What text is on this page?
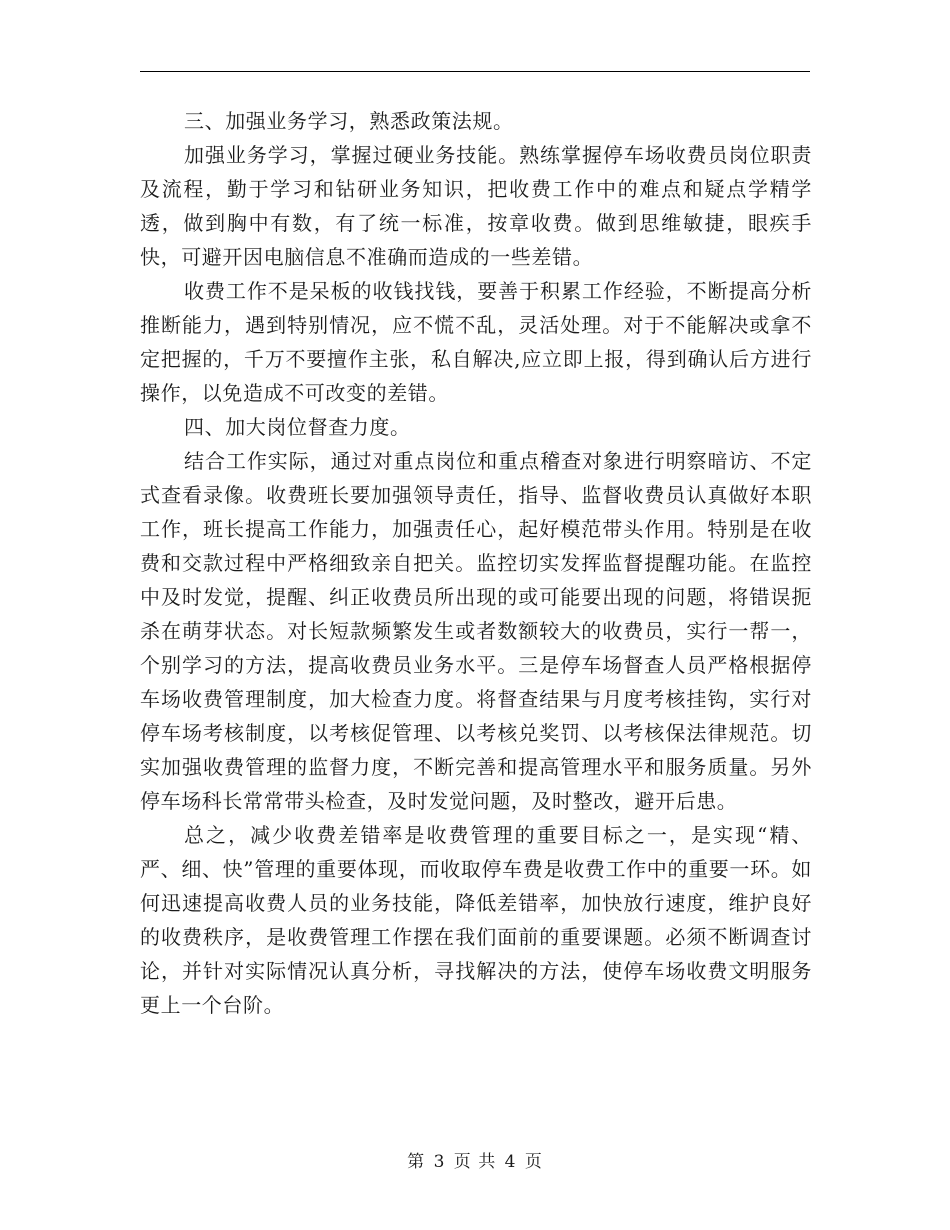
三、加强业务学习，熟悉政策法规。

加强业务学习，掌握过硬业务技能。熟练掌握停车场收费员岗位职责及流程，勤于学习和钻研业务知识，把收费工作中的难点和疑点学精学透，做到胸中有数，有了统一标准，按章收费。做到思维敏捷，眼疾手快，可避开因电脑信息不准确而造成的一些差错。

收费工作不是呆板的收钱找钱，要善于积累工作经验，不断提高分析推断能力，遇到特别情况，应不慌不乱，灵活处理。对于不能解决或拿不定把握的，千万不要擅作主张，私自解决,应立即上报，得到确认后方进行操作，以免造成不可改变的差错。

四、加大岗位督查力度。

结合工作实际，通过对重点岗位和重点稽查对象进行明察暗访、不定式查看录像。收费班长要加强领导责任，指导、监督收费员认真做好本职工作，班长提高工作能力，加强责任心，起好模范带头作用。特别是在收费和交款过程中严格细致亲自把关。监控切实发挥监督提醒功能。在监控中及时发觉，提醒、纠正收费员所出现的或可能要出现的问题，将错误扼杀在萌芽状态。对长短款频繁发生或者数额较大的收费员，实行一帮一，个别学习的方法，提高收费员业务水平。三是停车场督查人员严格根据停车场收费管理制度，加大检查力度。将督查结果与月度考核挂钩，实行对停车场考核制度，以考核促管理、以考核兑奖罚、以考核保法律规范。切实加强收费管理的监督力度，不断完善和提高管理水平和服务质量。另外停车场科长常常带头检查，及时发觉问题，及时整改，避开后患。

总之，减少收费差错率是收费管理的重要目标之一，是实现“精、严、细、快”管理的重要体现，而收取停车费是收费工作中的重要一环。如何迅速提高收费人员的业务技能，降低差错率，加快放行速度，维护良好的收费秩序，是收费管理工作摆在我们面前的重要课题。必须不断调查讨论，并针对实际情况认真分析，寻找解决的方法，使停车场收费文明服务更上一个台阶。

第 3 页 共 4 页
